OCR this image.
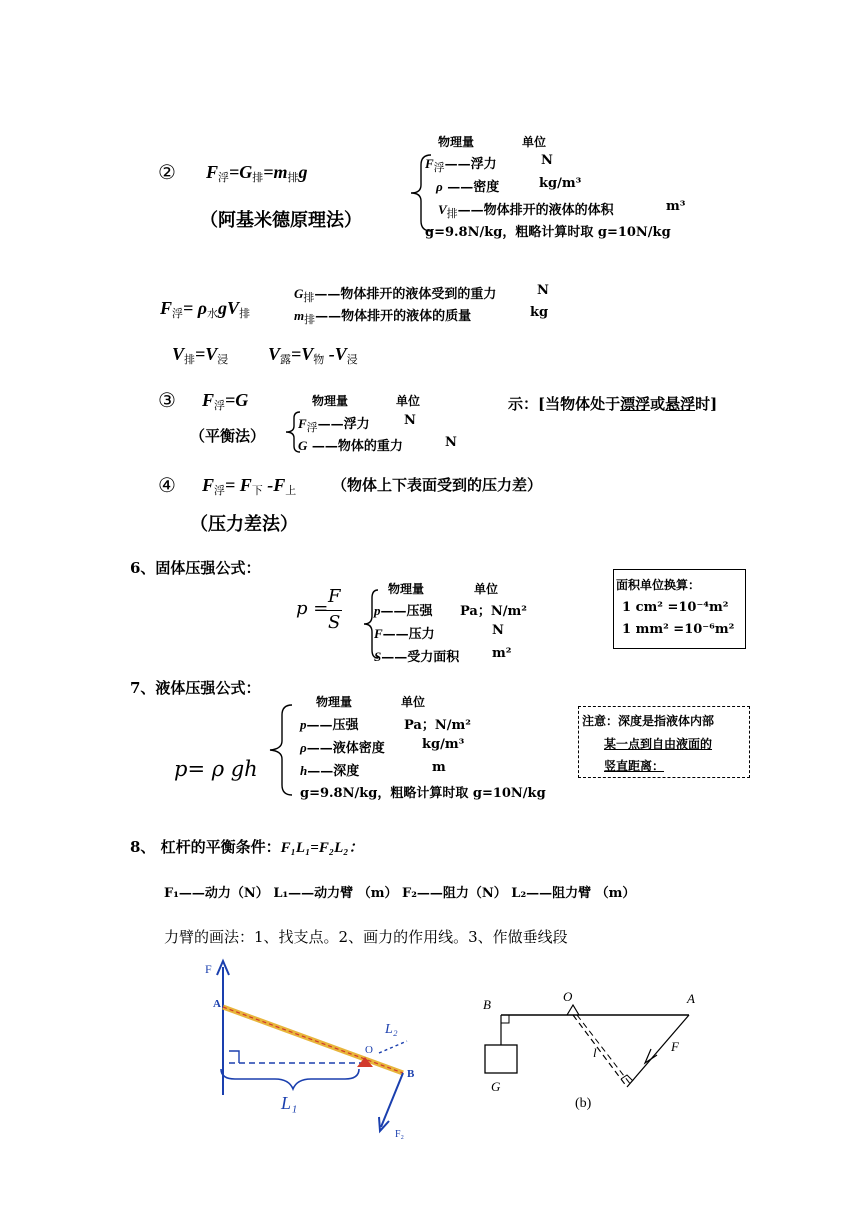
② F浮=G排=m排g
（阿基米德原理法）
物理量	单位
$F_浮——$浮力	N
ρ ——密度	kg/m³
$V_排——$物体排开的液体的体积	m³
g=9.8N/kg，粗略计算时取 g=10N/kg
F浮= ρ水gV排
$G_排——$物体排开的液体受到的重力	N
$m_排——$物体排开的液体的质量	kg
V排=V浸 V露=V物 -V浸
③ F浮=G
（平衡法）
物理量	单位
$F_浮——$浮力	N
G ——物体的重力	N
示：[当物体处于漂浮或悬浮时]
④ F浮= F下 -F上 （物体上下表面受到的压力差）
（压力差法）
6、固体压强公式：
p =
F
S
物理量	单位
p——压强 Pa；N/m²
F——压力	N
S——受力面积	m²
面积单位换算：
1 cm² =10⁻⁴m²
1 mm² =10⁻⁶m²
7、液体压强公式：
物理量	单位
p= ρ gh
p——压强	Pa；N/m²
ρ——液体密度	kg/m³
h——深度	m
g=9.8N/kg，粗略计算时取 g=10N/kg
注意：深度是指液体内部
某一点到自由液面的
竖直距离：
8、 杠杆的平衡条件：F₁L₁=F₂L₂：
F₁——动力（N） L₁——动力臂 （m） F₂——阻力（N） L₂——阻力臂 （m）
力臂的画法：1、找支点。2、画力的作用线。3、作做垂线段
F
A
O
B
L₁
L₂
F₂
B
O	A
G
l	F
(b)
